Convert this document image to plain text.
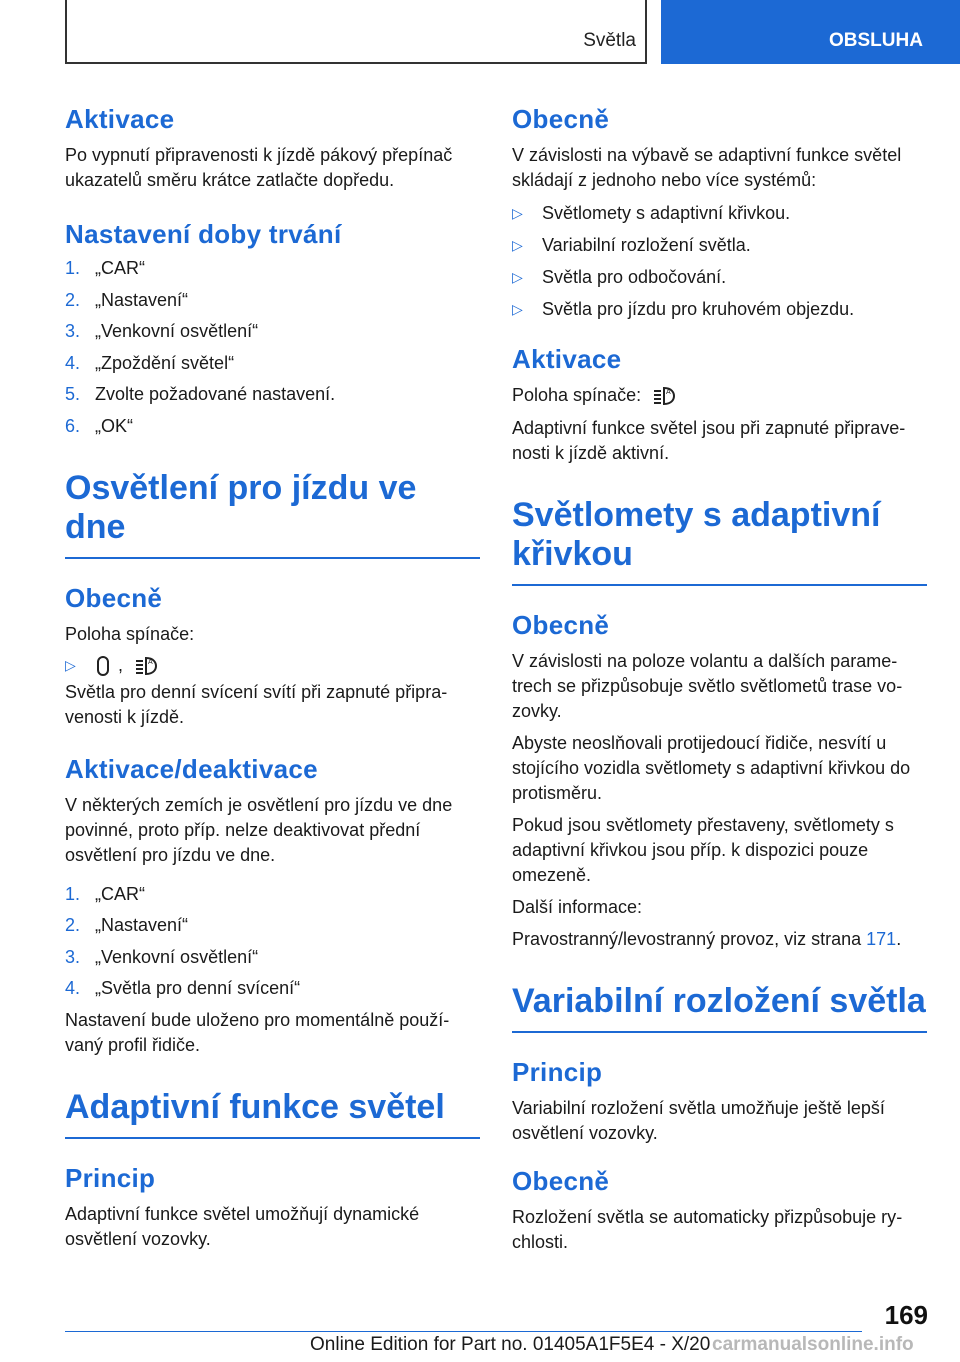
Světla	OBSLUHA
Aktivace

Po vypnutí připravenosti k jízdě pákový přepínač ukazatelů směru krátce zatlačte dopředu.

Nastavení doby trvání
1. „CAR“
2. „Nastavení“
3. „Venkovní osvětlení“
4. „Zpoždění světel“
5. Zvolte požadované nastavení.
6. „OK“
Osvětlení pro jízdu ve dne
Obecně

Poloha spínače:

▷ ,	A

Světla pro denní svícení svítí při zapnuté připravenosti k jízdě.

Aktivace/deaktivace

V některých zemích je osvětlení pro jízdu ve dne povinné, proto příp. nelze deaktivovat přední osvětlení pro jízdu ve dne.

1. „CAR“
2. „Nastavení“
3. „Venkovní osvětlení“
4. „Světla pro denní svícení“

Nastavení bude uloženo pro momentálně používaný profil řidiče.

Adaptivní funkce světel
Princip

Adaptivní funkce světel umožňují dynamické osvětlení vozovky.

Obecně

V závislosti na výbavě se adaptivní funkce světel skládají z jednoho nebo více systémů:

▷ Světlomety s adaptivní křivkou.
▷ Variabilní rozložení světla.
▷ Světla pro odbočování.
▷ Světla pro jízdu pro kruhovém objezdu.
Aktivace

Poloha spínače:	A

Adaptivní funkce světel jsou při zapnuté připravenosti k jízdě aktivní.

Světlomety s adaptivní křivkou
Obecně

V závislosti na poloze volantu a dalších parametrech se přizpůsobuje světlo světlometů trase vozovky.

Abyste neoslňovali protijedoucí řidiče, nesvítí u stojícího vozidla světlomety s adaptivní křivkou do protisměru.

Pokud jsou světlomety přestaveny, světlomety s adaptivní křivkou jsou příp. k dispozici pouze omezeně.

Další informace:

Pravostranný/levostranný provoz, viz strana 171.

Variabilní rozložení světla
Princip

Variabilní rozložení světla umožňuje ještě lepší osvětlení vozovky.

Obecně

Rozložení světla se automaticky přizpůsobuje rychlosti.

169
Online Edition for Part no. 01405A1F5E4 - X/20 carmanualsonline.info
